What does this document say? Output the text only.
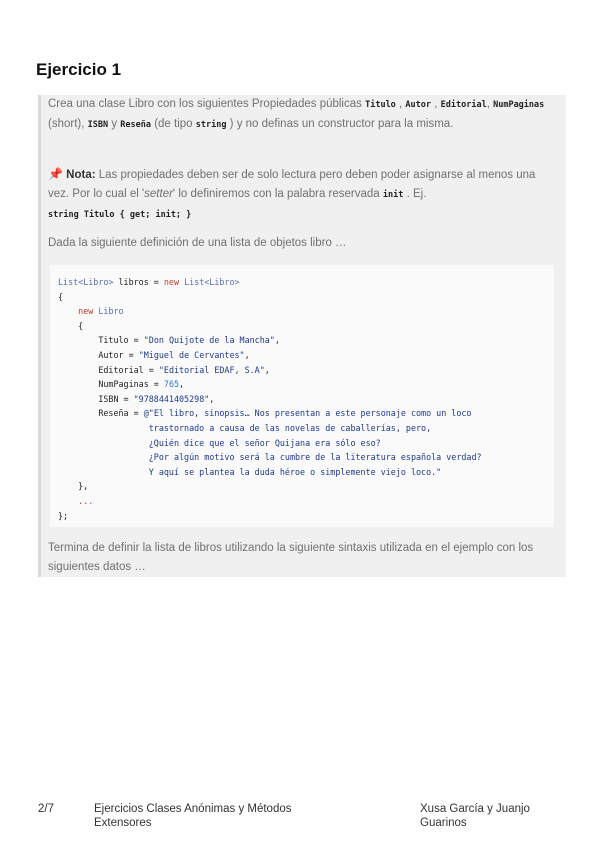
Ejercicio 1

Crea una clase Libro con los siguientes Propiedades públicas Titulo , Autor , Editorial, NumPaginas (short), ISBN y Reseña (de tipo string ) y no definas un constructor para la misma.

📌 Nota: Las propiedades deben ser de solo lectura pero deben poder asignarse al menos una vez. Por lo cual el 'setter' lo definiremos con la palabra reservada init . Ej.
string Titulo { get; init; }

Dada la siguiente definición de una lista de objetos libro …

List<Libro> libros = new List<Libro>
{
new Libro
{
Titulo = "Don Quijote de la Mancha",
Autor = "Miguel de Cervantes",
Editorial = "Editorial EDAF, S.A",
NumPaginas = 765,
ISBN = "9788441405298",
Reseña = @"El libro, sinopsis… Nos presentan a este personaje como un loco
trastornado a causa de las novelas de caballerías, pero,
¿Quién dice que el señor Quijana era sólo eso?
¿Por algún motivo será la cumbre de la literatura española verdad?
Y aquí se plantea la duda héroe o simplemente viejo loco."
},
...
};

Termina de definir la lista de libros utilizando la siguiente sintaxis utilizada en el ejemplo con los siguientes datos …

2/7	Ejercicios Clases Anónimas y Métodos
Extensores
Xusa García y Juanjo
Guarinos
